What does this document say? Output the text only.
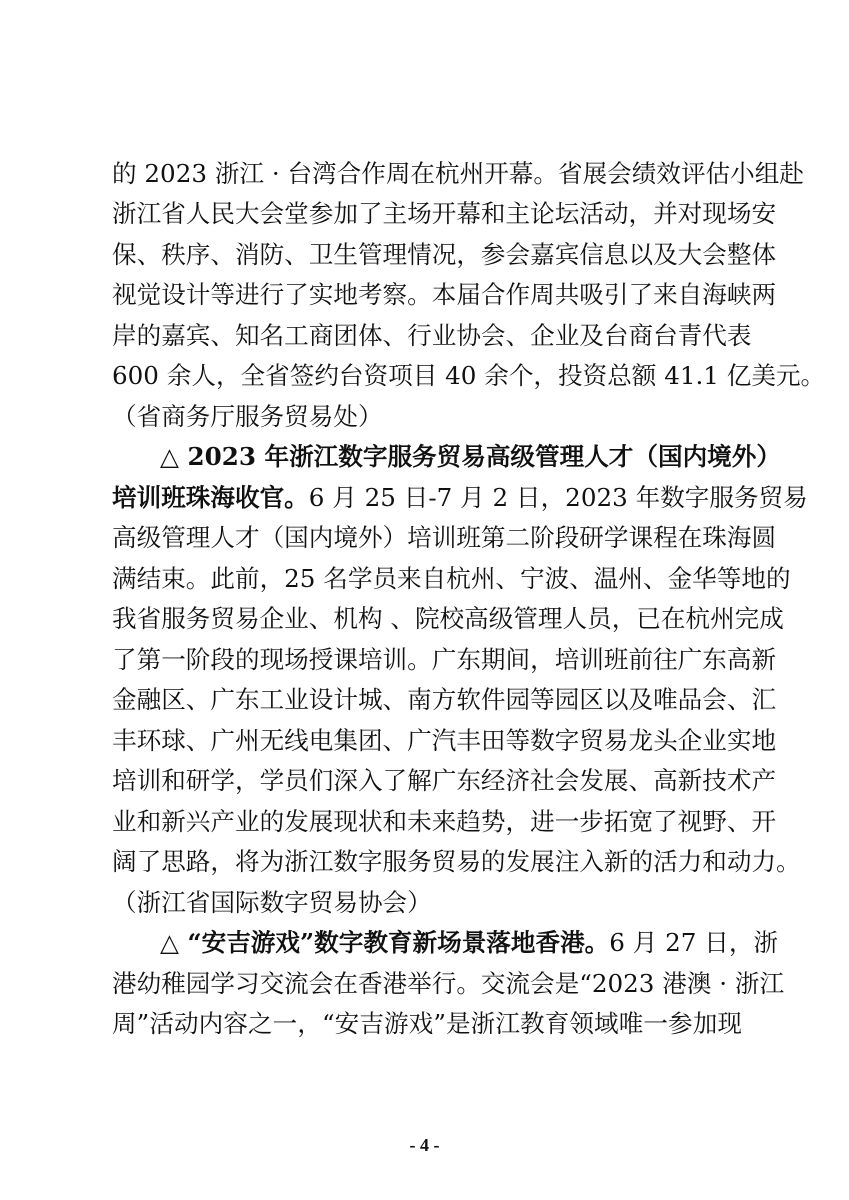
的 2023 浙江 · 台湾合作周在杭州开幕。省展会绩效评估小组赴
浙江省人民大会堂参加了主场开幕和主论坛活动，并对现场安
保、秩序、消防、卫生管理情况，参会嘉宾信息以及大会整体
视觉设计等进行了实地考察。本届合作周共吸引了来自海峡两
岸的嘉宾、知名工商团体、行业协会、企业及台商台青代表
600 余人，全省签约台资项目 40 余个，投资总额 41.1 亿美元。
（省商务厅服务贸易处）
△ 2023 年浙江数字服务贸易高级管理人才（国内境外）
培训班珠海收官。6 月 25 日-7 月 2 日，2023 年数字服务贸易
高级管理人才（国内境外）培训班第二阶段研学课程在珠海圆
满结束。此前，25 名学员来自杭州、宁波、温州、金华等地的
我省服务贸易企业、机构 、院校高级管理人员，已在杭州完成
了第一阶段的现场授课培训。广东期间，培训班前往广东高新
金融区、广东工业设计城、南方软件园等园区以及唯品会、汇
丰环球、广州无线电集团、广汽丰田等数字贸易龙头企业实地
培训和研学，学员们深入了解广东经济社会发展、高新技术产
业和新兴产业的发展现状和未来趋势，进一步拓宽了视野、开
阔了思路，将为浙江数字服务贸易的发展注入新的活力和动力。
（浙江省国际数字贸易协会）
△ “安吉游戏”数字教育新场景落地香港。6 月 27 日，浙
港幼稚园学习交流会在香港举行。交流会是“2023 港澳 · 浙江
周”活动内容之一，“安吉游戏”是浙江教育领域唯一参加现
- 4 -
